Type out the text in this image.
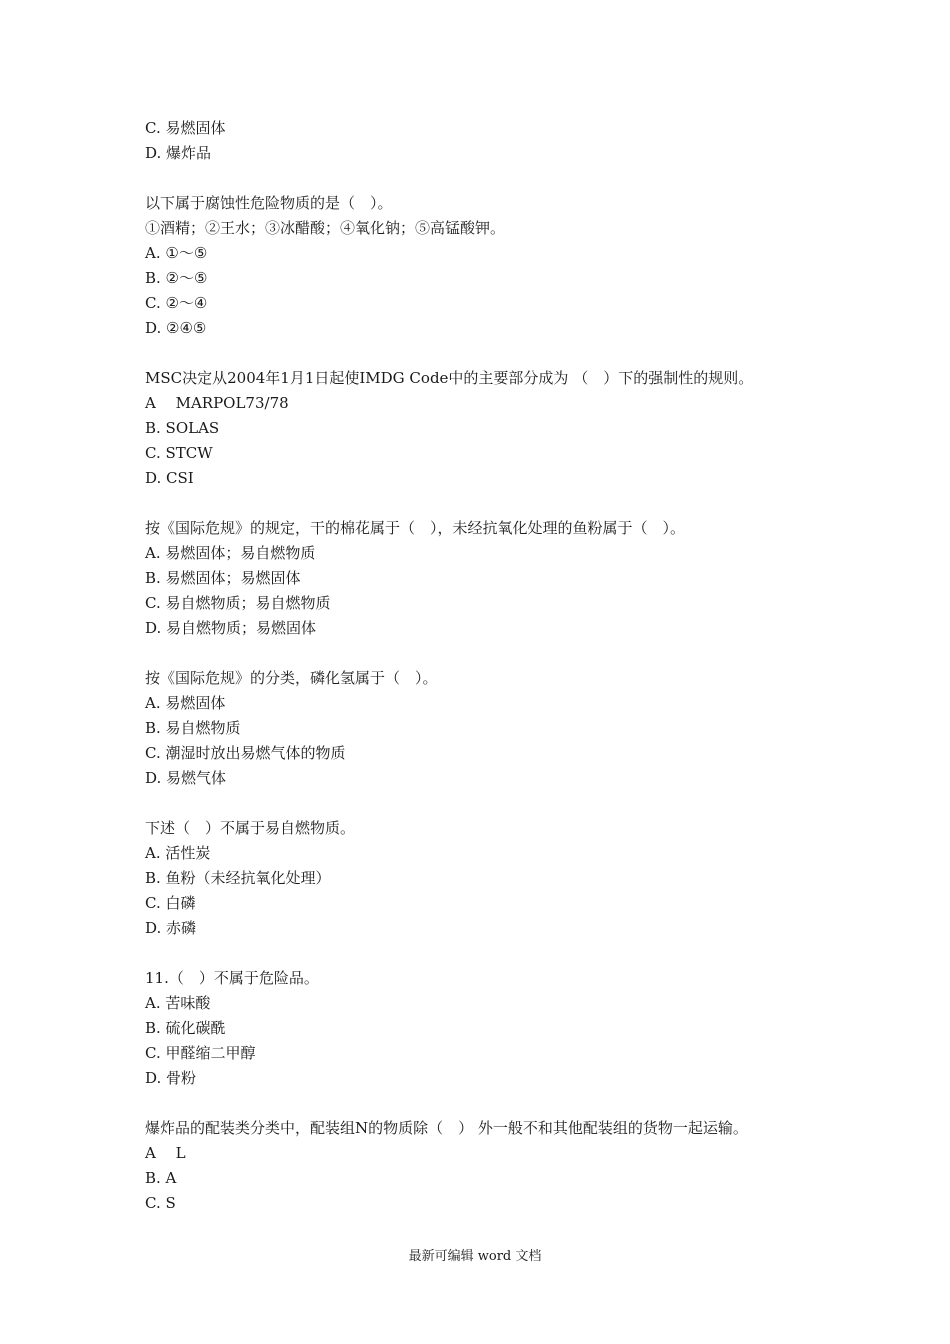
C. 易燃固体
D. 爆炸品
以下属于腐蚀性危险物质的是（　）。
①酒精；②王水；③冰醋酸；④氧化钠；⑤高锰酸钾。
A. ①～⑤
B. ②～⑤
C. ②～④
D. ②④⑤
MSC决定从2004年1月1日起使IMDG Code中的主要部分成为 （　）下的强制性的规则。
A　 MARPOL73/78
B. SOLAS
C. STCW
D. CSI
按《国际危规》的规定，干的棉花属于（　），未经抗氧化处理的鱼粉属于（　）。
A. 易燃固体；易自燃物质
B. 易燃固体；易燃固体
C. 易自燃物质；易自燃物质
D. 易自燃物质；易燃固体
按《国际危规》的分类，磷化氢属于（　）。
A. 易燃固体
B. 易自燃物质
C. 潮湿时放出易燃气体的物质
D. 易燃气体
下述（　）不属于易自燃物质。
A. 活性炭
B. 鱼粉（未经抗氧化处理）
C. 白磷
D. 赤磷
11.（　）不属于危险品。
A. 苦味酸
B. 硫化碳酰
C. 甲醛缩二甲醇
D. 骨粉
爆炸品的配装类分类中，配装组N的物质除（　） 外一般不和其他配装组的货物一起运输。
A　 L
B. A
C. S
最新可编辑 word 文档
